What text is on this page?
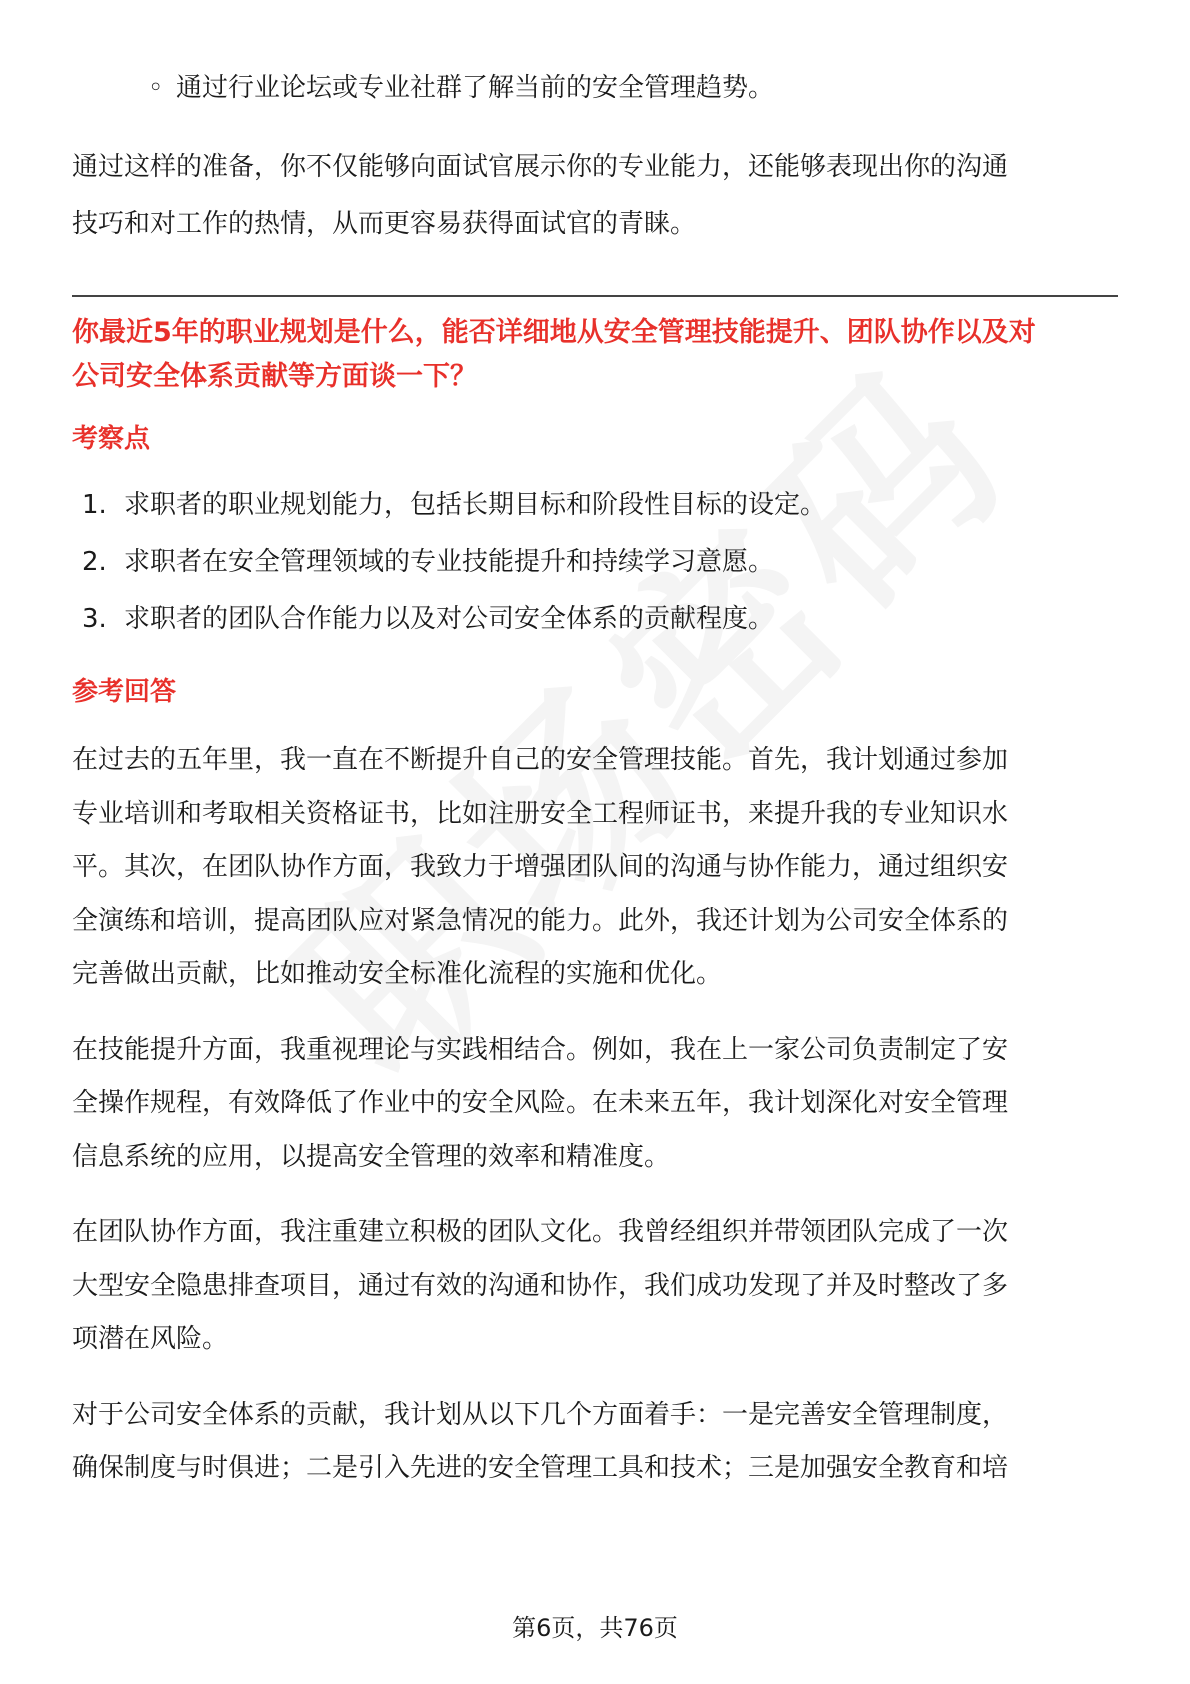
◦ 通过行业论坛或专业社群了解当前的安全管理趋势。

通过这样的准备，你不仅能够向面试官展示你的专业能力，还能够表现出你的沟通

技巧和对工作的热情，从而更容易获得面试官的青睐。

你最近5年的职业规划是什么，能否详细地从安全管理技能提升、团队协作以及对

公司安全体系贡献等方面谈一下？

考察点
1. 求职者的职业规划能力，包括长期目标和阶段性目标的设定。
2. 求职者在安全管理领域的专业技能提升和持续学习意愿。
3. 求职者的团队合作能力以及对公司安全体系的贡献程度。
参考回答
在过去的五年里，我一直在不断提升自己的安全管理技能。首先，我计划通过参加
专业培训和考取相关资格证书，比如注册安全工程师证书，来提升我的专业知识水
平。其次，在团队协作方面，我致力于增强团队间的沟通与协作能力，通过组织安
全演练和培训，提高团队应对紧急情况的能力。此外，我还计划为公司安全体系的
完善做出贡献，比如推动安全标准化流程的实施和优化。
在技能提升方面，我重视理论与实践相结合。例如，我在上一家公司负责制定了安
全操作规程，有效降低了作业中的安全风险。在未来五年，我计划深化对安全管理
信息系统的应用，以提高安全管理的效率和精准度。
在团队协作方面，我注重建立积极的团队文化。我曾经组织并带领团队完成了一次
大型安全隐患排查项目，通过有效的沟通和协作，我们成功发现了并及时整改了多
项潜在风险。
对于公司安全体系的贡献，我计划从以下几个方面着手：一是完善安全管理制度，
确保制度与时俱进；二是引入先进的安全管理工具和技术；三是加强安全教育和培
第6页，共76页
